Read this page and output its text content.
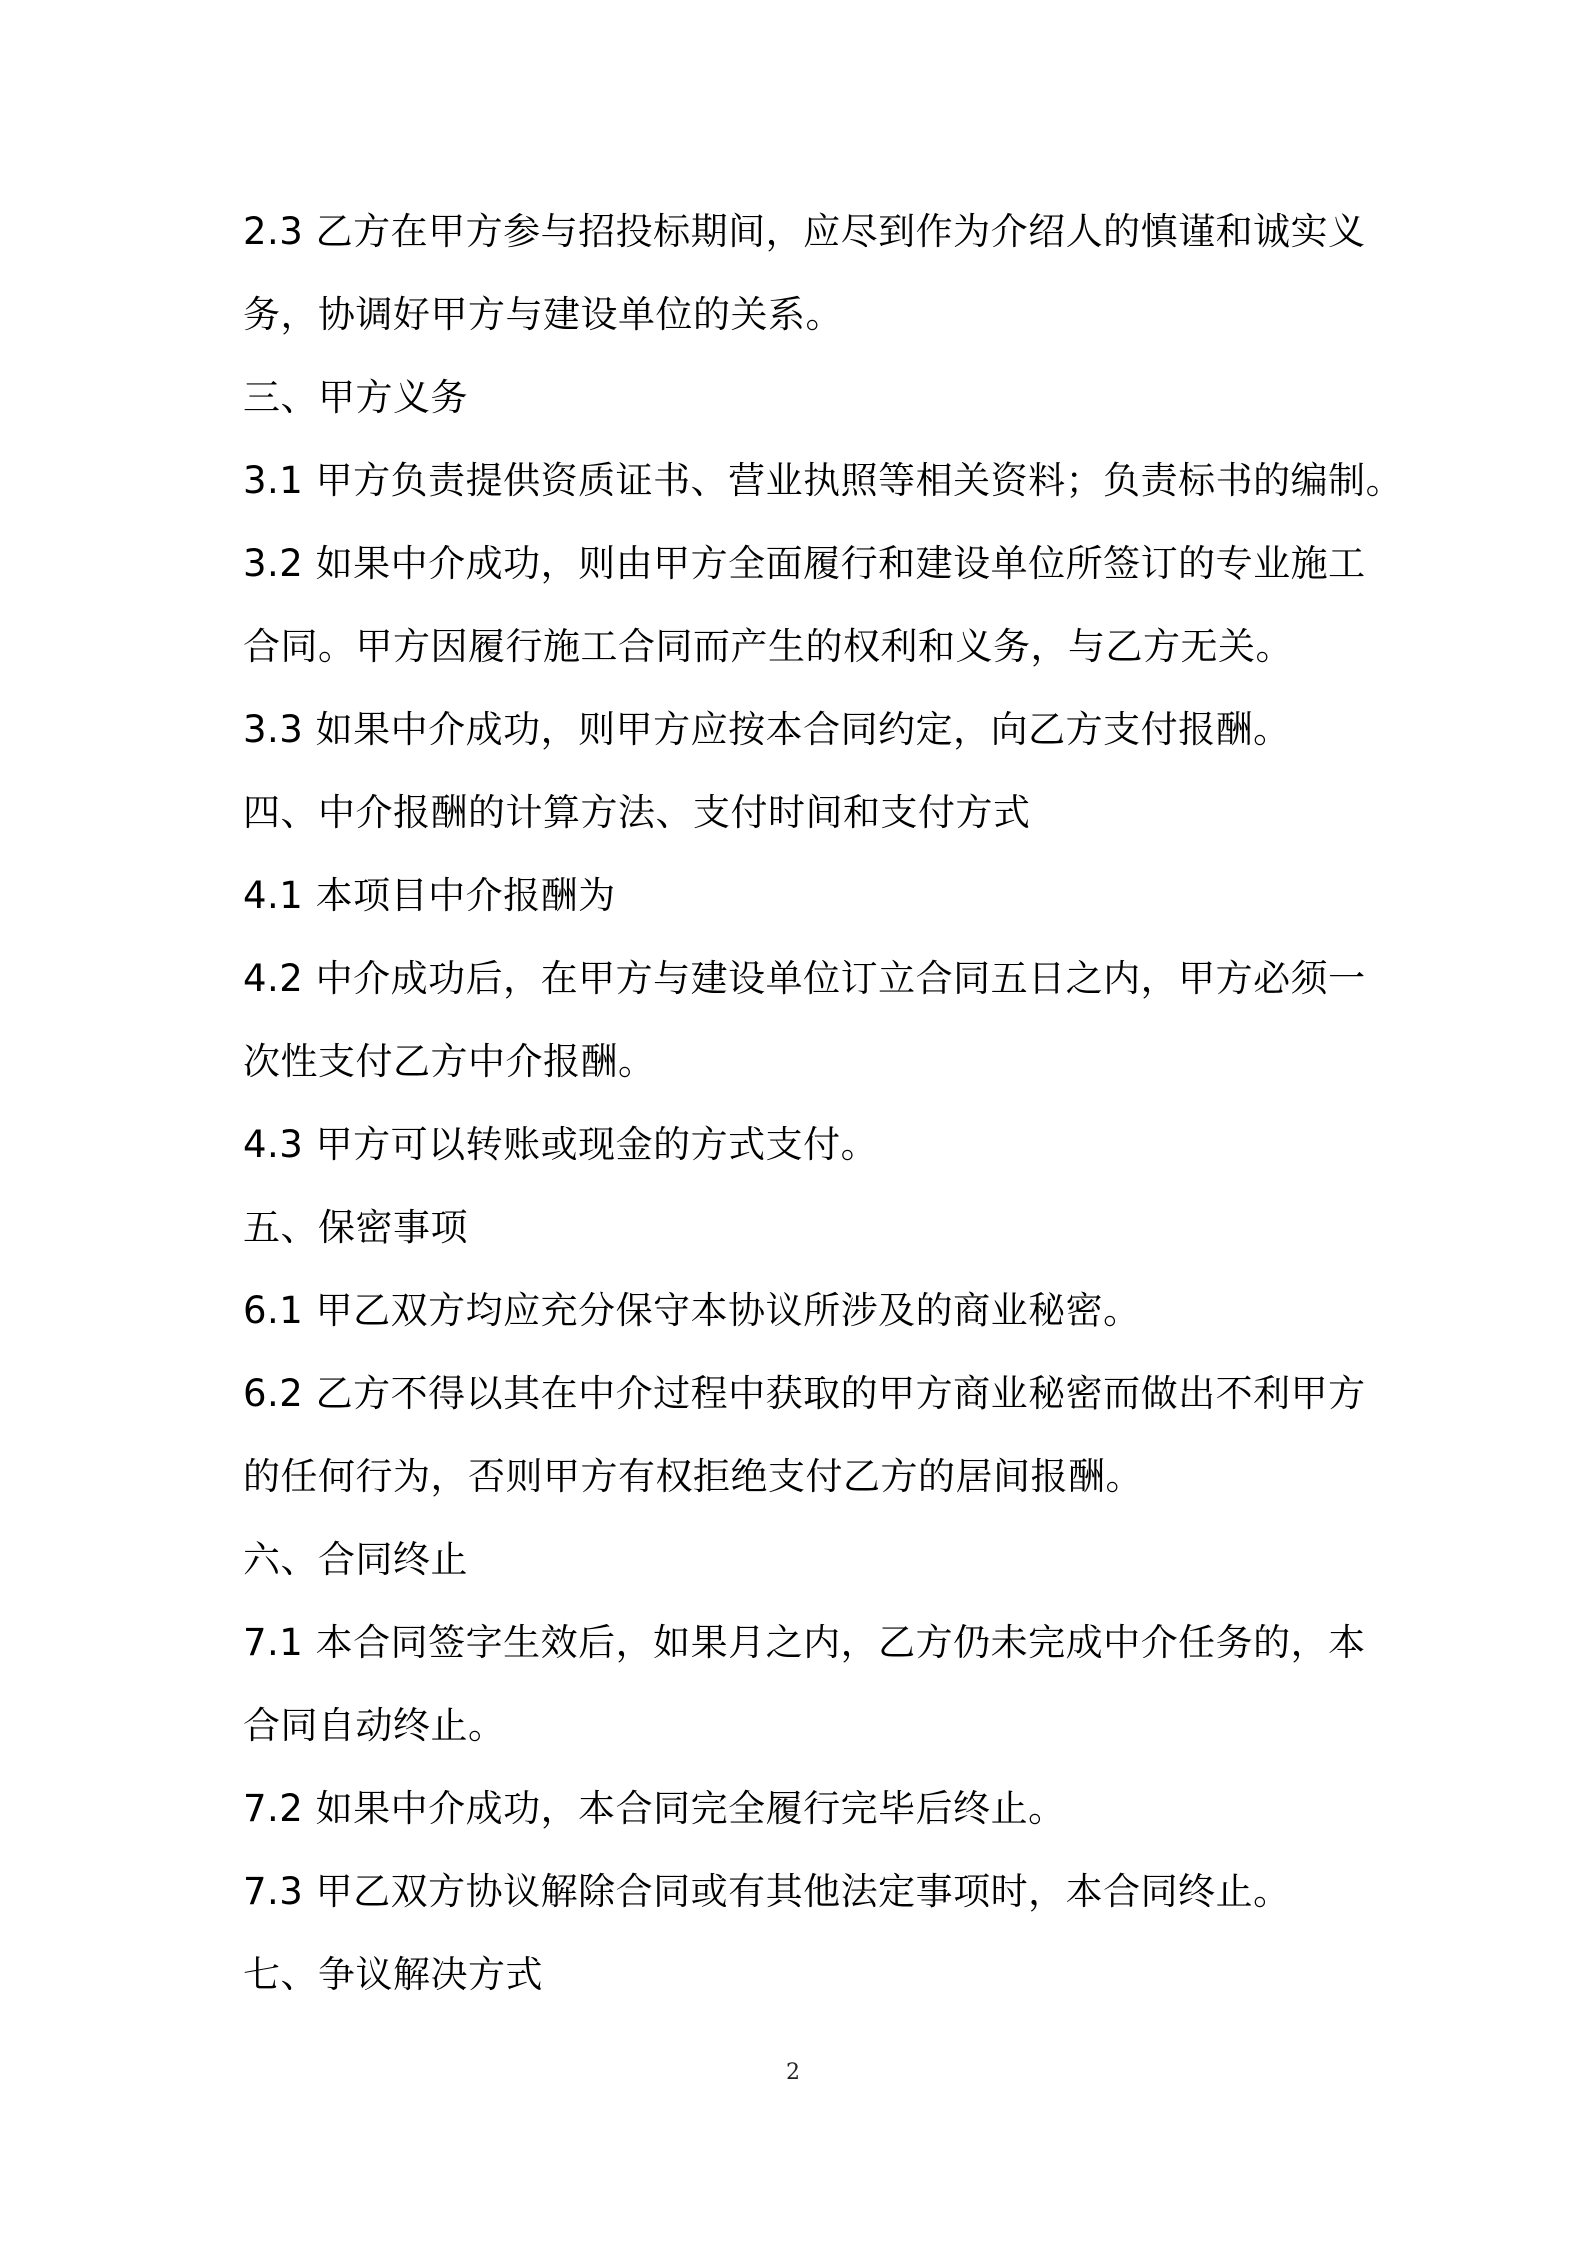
2.3 乙方在甲方参与招投标期间，应尽到作为介绍人的慎谨和诚实义
务，协调好甲方与建设单位的关系。
三、甲方义务
3.1 甲方负责提供资质证书、营业执照等相关资料；负责标书的编制。
3.2 如果中介成功，则由甲方全面履行和建设单位所签订的专业施工
合同。甲方因履行施工合同而产生的权利和义务，与乙方无关。
3.3 如果中介成功，则甲方应按本合同约定，向乙方支付报酬。
四、中介报酬的计算方法、支付时间和支付方式
4.1 本项目中介报酬为
4.2 中介成功后，在甲方与建设单位订立合同五日之内，甲方必须一
次性支付乙方中介报酬。
4.3 甲方可以转账或现金的方式支付。
五、保密事项
6.1 甲乙双方均应充分保守本协议所涉及的商业秘密。
6.2 乙方不得以其在中介过程中获取的甲方商业秘密而做出不利甲方
的任何行为，否则甲方有权拒绝支付乙方的居间报酬。
六、合同终止
7.1 本合同签字生效后，如果月之内，乙方仍未完成中介任务的，本
合同自动终止。
7.2 如果中介成功，本合同完全履行完毕后终止。
7.3 甲乙双方协议解除合同或有其他法定事项时，本合同终止。
七、争议解决方式
2
